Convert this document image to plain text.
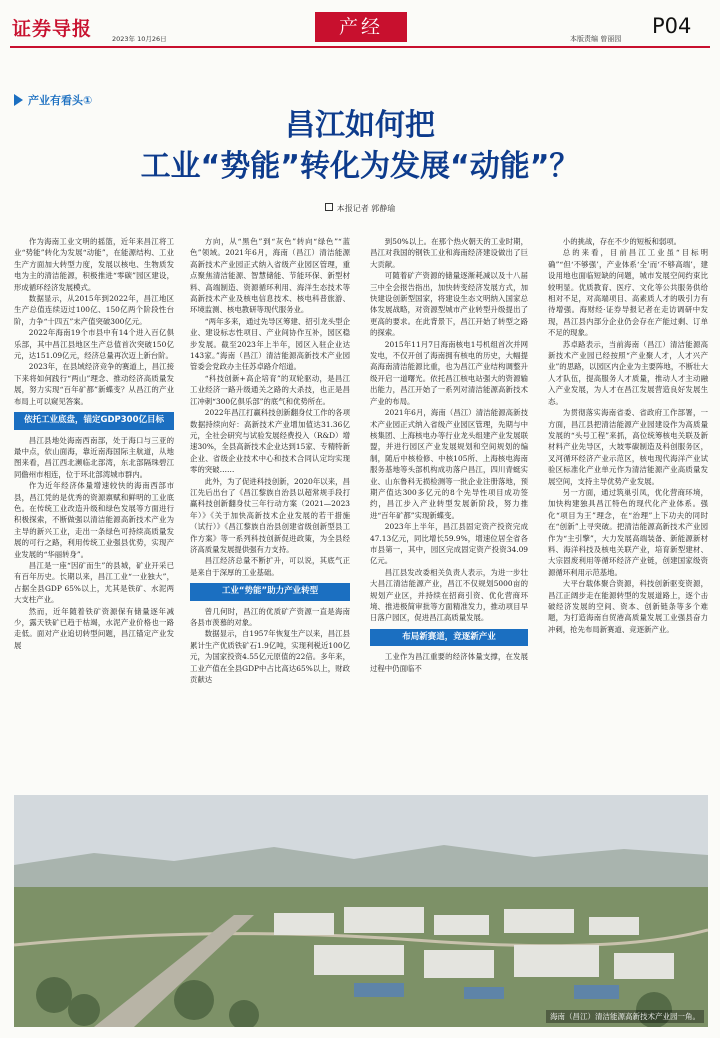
证券导报	2023年 10月26日
产经
本版责编 曾丽园
P04
产业有看头①
昌江如何把
工业“势能”转化为发展“动能”？
本报记者 郭静瑜

作为海南工业文明的摇篮，近年来昌江将工业“势能”转化为发展“动能”，在能源结构、工业生产方面加大转型力度，发展以核电、生物质发电为主的清洁能源，积极推进“零碳”园区建设，形成循环经济发展模式。

数据显示，从2015年到2022年，昌江地区生产总值连续迈过100亿、150亿两个阶段性台阶，力争“十四五”末产值突破300亿元。

2022年海南19个市县中有14个进入百亿俱乐部，其中昌江县地区生产总值首次突破150亿元，达151.09亿元，经济总量再次迈上新台阶。

2023年，在县域经济竞争的赛道上，昌江接下来将如何践行“两山”理念、推动经济高质量发展，努力实现“百年矿都”新蝶变？从昌江的产业布局上可以窥见答案。

依托工业底盘，锚定GDP300亿目标

昌江县地处海南西南部，处于海口与三亚的最中点，依山面海，靠近南海国际主航道，从地图来看，昌江西北濒临北部湾，东北部隔珠碧江同儋州市相连，位于环北部湾城市群内。

作为近年经济体量增速较快的海南西部市县，昌江凭的是优秀的资源禀赋和鲜明的工业底色。在传统工业改造升级和绿色发展等方面进行积极探索，不断做强以清洁能源高新技术产业为主导的新兴工业，走出一条绿色可持续高质量发展的可行之路，利用传统工业强县优势，实现产业发展的“华丽转身”。

昌江是一座“因矿而生”的县城，矿业开采已有百年历史。长期以来，昌江工业“一业独大”，占据全县GDP 65%以上，尤其是铁矿、水泥两大支柱产业。

然而，近年随着铁矿资源保有储量逐年减少，露天铁矿已趋于枯竭，水泥产业价格也一路走低。面对产业追切转型问题，昌江锚定产业发展

方向，从“黑色”到“灰色”转向“绿色”“蓝色”领域。2021年6月，海南（昌江）清洁能源高新技术产业园正式纳入省级产业园区管理，重点聚焦清洁能源、智慧储能、节能环保、新型材料、高端制造、资源循环利用、海洋生态技术等高新技术产业及核电信息技术、核电科普旅游、环境监测、核电教研等现代服务业。

“两年多来，通过先导区筹建、招引龙头型企业、建设标志性项目、产业间协作互补，园区稳步发展。截至2023年上半年，园区入驻企业达143家。”海南（昌江）清洁能源高新技术产业园管委会党政办主任苏卓路介绍道。

“科技创新+高企培育”的双轮驱动，是昌江工业经济一路升级通关之路的大杀技，也正是昌江冲刺“300亿俱乐部”的底气和优势所在。

2022年昌江打赢科技创新翻身仗工作的各项数据持续向好：高新技术产业增加值达31.36亿元，全社会研究与试验发展经费投入（R&D）增速30%，全县高新技术企业达到15家、专精特新企业、省级企业技术中心和技术合同认定均实现零的突破……

此外，为了促进科技创新，2020年以来，昌江先后出台了《昌江黎族自治县以超常规手段打赢科技创新翻身仗三年行动方案（2021—2023年）》《关于加快高新技术企业发展的若干措施（试行）》《昌江黎族自治县创建省级创新型县工作方案》等一系列科技创新促进政策，为全县经济高质量发展提供强有力支持。

昌江经济总量不断扩升，可以说，其底气正是来自于深厚的工业基础。

工业“势能”助力产业转型

曾几何时，昌江的优质矿产资源一直是海南各县市羡慕的对象。

数据显示，自1957年恢复生产以来，昌江县累计生产优质铁矿石1.9亿吨，实现利税近100亿元，为国家投资4.55亿元原值的22倍。多年来，工业产值在全县GDP中占比高达65%以上，财政贡献达

到50%以上。在那个热火朝天的工业时期，昌江对我国的钢铁工业和海南经济建设做出了巨大贡献。

可随着矿产资源的储量逐渐耗减以及十八届三中全会报告指出，加快转变经济发展方式，加快建设创新型国家，将建设生态文明纳入国家总体发展战略，对资源型城市产业转型升级提出了更高的要求。在此背景下，昌江开始了转型之路的探索。

2015年11月7日海南核电1号机组首次并网发电，不仅开创了海南拥有核电的历史，大幅提高海南清洁能源比重，也为昌江产业结构调整升级开启一道曙光。依托昌江核电站强大的资源输出能力，昌江开始了一系列对清洁能源高新技术产业的布局。

2021年6月，海南（昌江）清洁能源高新技术产业园正式纳入省级产业园区管理，先期与中核集团、上海核电办等行业龙头组建产业发展联盟，并进行园区产业发展规划和空间规划的编制，随后中核检修、中核105所、上海核电海南服务基地等头部机构成功落户昌江，四川青蜓实业、山东鲁科无损检测等一批企业注册落地，预期产值达300多亿元的8个先导性项目成功签约，昌江步入产业转型发展新阶段，努力推进“百年矿都”实现新蝶变。

2023年上半年，昌江县固定资产投资完成47.13亿元，同比增长59.9%，增速位居全省各市县第一，其中，园区完成固定资产投资34.09亿元。

昌江县发改委相关负责人表示，为进一步壮大昌江清洁能源产业，昌江不仅规划5000亩的规划产业区，并持续在招商引资、优化营商环境、推进极简审批等方面精准发力，推动项目早日落户园区，促进昌江高质量发展。

布局新赛道，竞逐新产业

工业作为昌江重要的经济体量支撑，在发展过程中仍面临不

小的挑战，存在不少的短板和弱项。

总的来看，目前昌江工业虽“目标明确”“但‘不够强’，产业体系‘全’而‘不够高端’，建设用地也面临短缺的问题，城市发展空间约束比较明显。优质教育、医疗、文化等公共服务供给相对不足，对高端项目、高素质人才的吸引力有待增强。海财经·证券导报记者在走访调研中发现，昌江县内部分企业仍会存在产能过剩、订单不足的现象。

苏卓路表示，当前海南（昌江）清洁能源高新技术产业园已经按照“产业聚人才，人才兴产业”的思路，以园区内企业为主要阵地，不断壮大人才队伍，提高服务人才质量，推动人才主动融入产业发展，为人才在昌江发展营造良好发展生态。

为贯彻落实海南省委、省政府工作部署，一方面，昌江县把清洁能源产业园建设作为高质量发展的“头号工程”来抓，高位统筹核电关联及新材料产业先导区，大坡零碳制造及科创服务区，叉河循环经济产业示范区，核电现代海洋产业试验区标准化产业单元作为清洁能源产业高质量发展空间，支持主导优势产业发展。

另一方面，通过筑巢引凤，优化营商环境，加快构建独具昌江特色的现代化产业体系。强化“项目为王”理念，在“治理”上下功夫的同时在“创新”上寻突破。把清洁能源高新技术产业园作为“主引擎”，大力发展高端装备、新能源新材料、海洋科技及核电关联产业，培育新型建材、大宗固废利用等循环经济产业链，创建国家级资源循环利用示范基地。

大平台载体聚合资源，科技创新驱变资源，昌江正阔步走在能源转型的发展道路上，逐个击破经济发展的空间、资本、创新链条等多个难题，为打造海南自贸港高质量发展工业强县奋力冲刺，抢先布局新赛道、竞逐新产业。

海南（昌江）清洁能源高新技术产业园一角。
